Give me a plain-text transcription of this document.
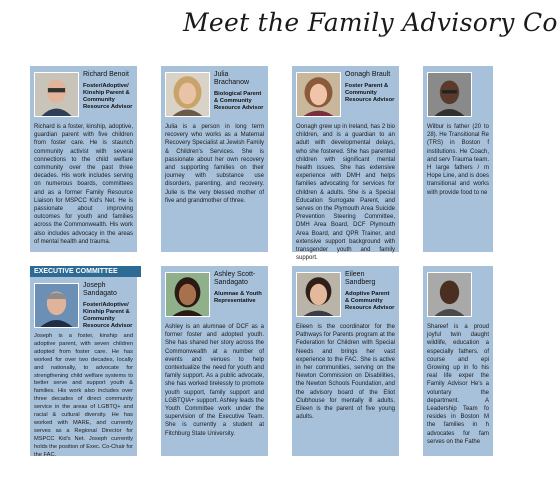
Meet the Family Advisory Co
Richard Benoit
Foster/Adoptive/ Kinship Parent & Community Resource Advisor
Richard is a foster, kinship, adoptive, guardian parent with five children from foster care. He is staunch community activist with several connections to the child welfare community over the past three decades. His work includes serving on numerous boards, committees and as a former Family Resource Liaison for MSPCC Kid's Net. He is passionate about improving outcomes for youth and families across the Commonwealth. His work also includes advocacy in the areas of mental health and trauma.
Julia Brachanow
Biological Parent & Community Resource Advisor
Julia is a person in long term recovery who works as a Maternal Recovery Specialist at Jewish Family & Children's Services. She is passionate about her own recovery and supporting families on their journey with substance use disorders, parenting, and recovery. Julie is the very blessed mother of five and grandmother of three.
Oonagh Brault
Foster Parent & Community Resource Advisor
Oonagh grew up in Ireland, has 2 bio children, and is a guardian to an adult with developmental delays, who she fostered. She has parented children with significant mental health issues. She has extensive experience with DMH and helps families advocating for services for children & adults. She is a Special Education Surrogate Parent, and serves on the Plymouth Area Suicide Prevention Steering Committee, DMH Area Board, DCF Plymouth Area Board, and QPR Trainer, and extensive support background with transgender youth and family support.
Wilbur is father (20 to 28). He Transitional Re (TRS) in Boston f institutions. He Coach, and serv Trauma team. H large fathers / m Hope Line, and is does transitional and works with provide food to ne
EXECUTIVE COMMITTEE
Joseph Sandagato
Foster/Adoptive/ Kinship Parent & Community Resource Advisor
Joseph is a foster, kinship and adoptive parent, with seven children adopted from foster care. He has worked for over two decades, locally and nationally, to advocate for strengthening child welfare systems to better serve and support youth & families. His work also includes over three decades of direct community service in the areas of LGBTQ+ and racial & cultural diversity. He has worked with MARE, and currently serves as a Regional Director for MSPCC Kid's Net. Joseph currently holds the position of Exec. Co-Chair for the FAC.
Ashley Scott-Sandagato
Alumnae & Youth Representative
Ashley is an alumnae of DCF as a former foster and adopted youth. She has shared her story across the Commonwealth at a number of events and venues to help contextualize the need for youth and family support. As a public advocate, she has worked tirelessly to promote youth support, family support and LGBTQIA+ support. Ashley leads the Youth Committee work under the supervision of the Executive Team. She is currently a student at Fitchburg State University.
Eileen Sandberg
Adoptive Parent & Community Resource Advisor
Eileen is the coordinator for the Pathways for Parents program at the Federation for Children with Special Needs and brings her vast experience to the FAC. She is active in her communities, serving on the Newton Commission on Disabilities, the Newton Schools Foundation, and the advisory board of the Eliot Clubhouse for mentally ill adults. Eileen is the parent of five young adults.
Shareef is a proud joyful twin daught wildlife, education a especially fathers. of course and epi Growing up in fo his real life exper the Family Advisor He's a voluntary the department. A Leadership Team fo resides in Boston M the families in h advocates for fam serves on the Fathe
